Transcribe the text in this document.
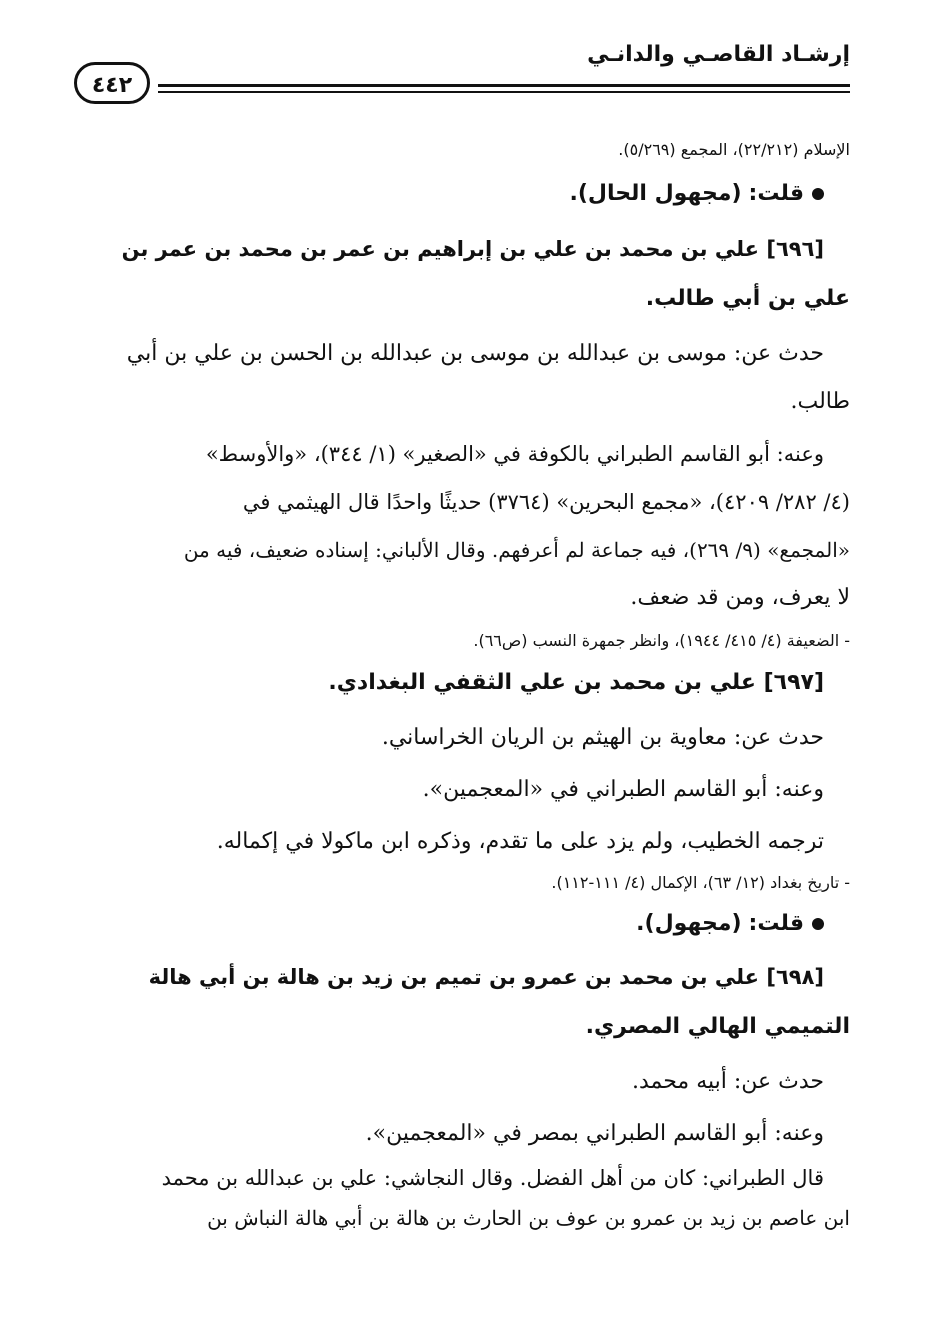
إرشـاد القاصـي والدانـي
٤٤٢
الإسلام (٢٢/٢١٢)، المجمع (٥/٢٦٩).
قلت: (مجهول الحال).
[٦٩٦] علي بن محمد بن علي بن إبراهيم بن عمر بن محمد بن عمر بن
علي بن أبي طالب.
حدث عن: موسى بن عبدالله بن موسى بن عبدالله بن الحسن بن علي بن أبي
طالب.
وعنه: أبو القاسم الطبراني بالكوفة في «الصغير» (١/ ٣٤٤)، «والأوسط»
(٤/ ٢٨٢/ ٤٢٠٩)، «مجمع البحرين» (٣٧٦٤) حديثًا واحدًا قال الهيثمي في
«المجمع» (٩/ ٢٦٩)، فيه جماعة لم أعرفهم. وقال الألباني: إسناده ضعيف، فيه من
لا يعرف، ومن قد ضعف.
- الضعيفة (٤/ ٤١٥/ ١٩٤٤)، وانظر جمهرة النسب (ص٦٦).
[٦٩٧] علي بن محمد بن علي الثقفي البغدادي.
حدث عن: معاوية بن الهيثم بن الريان الخراساني.
وعنه: أبو القاسم الطبراني في «المعجمين».
ترجمه الخطيب، ولم يزد على ما تقدم، وذكره ابن ماكولا في إكماله.
- تاريخ بغداد (١٢/ ٦٣)، الإكمال (٤/ ١١١-١١٢).
قلت: (مجهول).
[٦٩٨] علي بن محمد بن عمرو بن تميم بن زيد بن هالة بن أبي هالة
التميمي الهالي المصري.
حدث عن: أبيه محمد.
وعنه: أبو القاسم الطبراني بمصر في «المعجمين».
قال الطبراني: كان من أهل الفضل. وقال النجاشي: علي بن عبدالله بن محمد
ابن عاصم بن زيد بن عمرو بن عوف بن الحارث بن هالة بن أبي هالة النباش بن
